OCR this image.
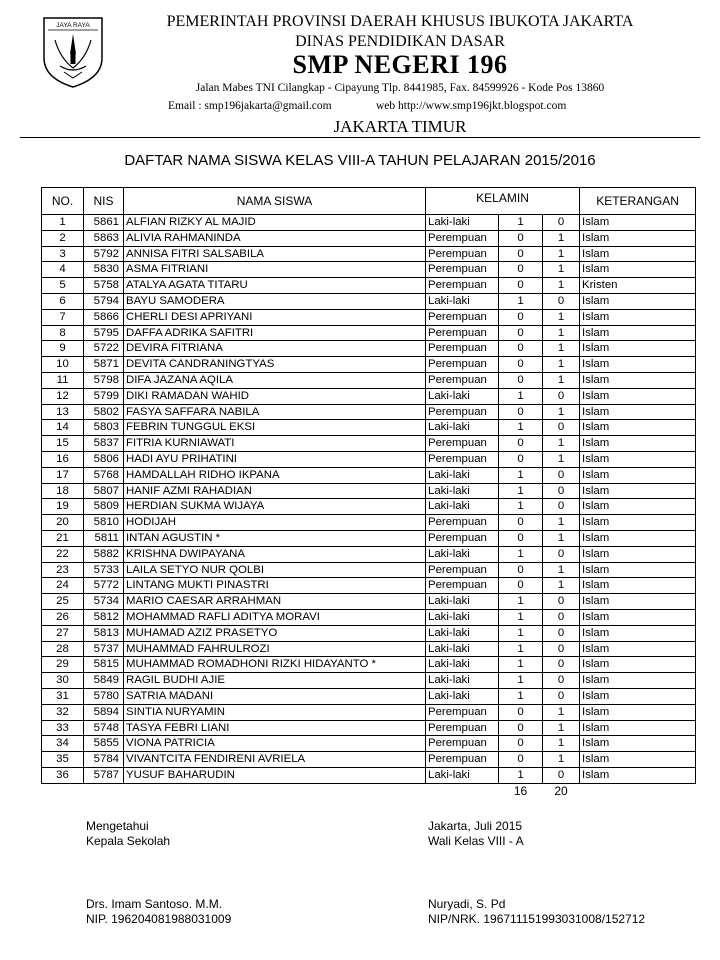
JAYA RAYA	PEMERINTAH PROVINSI DAERAH KHUSUS IBUKOTA JAKARTA
DINAS PENDIDIKAN DASAR
SMP NEGERI 196
Jalan Mabes TNI Cilangkap - Cipayung Tlp. 8441985, Fax. 84599926 - Kode Pos 13860
Email : smp196jakarta@gmail.com	web http://www.smp196jkt.blogspot.com
JAKARTA TIMUR
DAFTAR NAMA SISWA KELAS VIII-A TAHUN PELAJARAN 2015/2016
NO.	NIS	NAMA SISWA	KELAMIN			KETERANGAN
1	5861	ALFIAN RIZKY AL MAJID	Laki-laki	1	0	Islam
2	5863	ALIVIA RAHMANINDA	Perempuan	0	1	Islam
3	5792	ANNISA FITRI SALSABILA	Perempuan	0	1	Islam
4	5830	ASMA FITRIANI	Perempuan	0	1	Islam
5	5758	ATALYA AGATA TITARU	Perempuan	0	1	Kristen
6	5794	BAYU SAMODERA	Laki-laki	1	0	Islam
7	5866	CHERLI DESI APRIYANI	Perempuan	0	1	Islam
8	5795	DAFFA ADRIKA SAFITRI	Perempuan	0	1	Islam
9	5722	DEVIRA FITRIANA	Perempuan	0	1	Islam
10	5871	DEVITA CANDRANINGTYAS	Perempuan	0	1	Islam
11	5798	DIFA JAZANA AQILA	Perempuan	0	1	Islam
12	5799	DIKI RAMADAN WAHID	Laki-laki	1	0	Islam
13	5802	FASYA SAFFARA NABILA	Perempuan	0	1	Islam
14	5803	FEBRIN TUNGGUL EKSI	Laki-laki	1	0	Islam
15	5837	FITRIA KURNIAWATI	Perempuan	0	1	Islam
16	5806	HADI AYU PRIHATINI	Perempuan	0	1	Islam
17	5768	HAMDALLAH RIDHO IKPANA	Laki-laki	1	0	Islam
18	5807	HANIF AZMI RAHADIAN	Laki-laki	1	0	Islam
19	5809	HERDIAN SUKMA WIJAYA	Laki-laki	1	0	Islam
20	5810	HODIJAH	Perempuan	0	1	Islam
21	5811	INTAN AGUSTIN *	Perempuan	0	1	Islam
22	5882	KRISHNA DWIPAYANA	Laki-laki	1	0	Islam
23	5733	LAILA SETYO NUR QOLBI	Perempuan	0	1	Islam
24	5772	LINTANG MUKTI PINASTRI	Perempuan	0	1	Islam
25	5734	MARIO CAESAR ARRAHMAN	Laki-laki	1	0	Islam
26	5812	MOHAMMAD RAFLI ADITYA MORAVI	Laki-laki	1	0	Islam
27	5813	MUHAMAD AZIZ PRASETYO	Laki-laki	1	0	Islam
28	5737	MUHAMMAD FAHRULROZI	Laki-laki	1	0	Islam
29	5815	MUHAMMAD ROMADHONI RIZKI HIDAYANTO *	Laki-laki	1	0	Islam
30	5849	RAGIL BUDHI AJIE	Laki-laki	1	0	Islam
31	5780	SATRIA MADANI	Laki-laki	1	0	Islam
32	5894	SINTIA NURYAMIN	Perempuan	0	1	Islam
33	5748	TASYA FEBRI LIANI	Perempuan	0	1	Islam
34	5855	VIONA PATRICIA	Perempuan	0	1	Islam
35	5784	VIVANTCITA FENDIRENI AVRIELA	Perempuan	0	1	Islam
36	5787	YUSUF BAHARUDIN	Laki-laki	1	0	Islam
				16	20	
Mengetahui
Kepala Sekolah
Drs. Imam Santoso. M.M.
NIP. 196204081988031009
Jakarta, Juli 2015
Wali Kelas VIII - A
Nuryadi, S. Pd
NIP/NRK. 196711151993031008/152712
